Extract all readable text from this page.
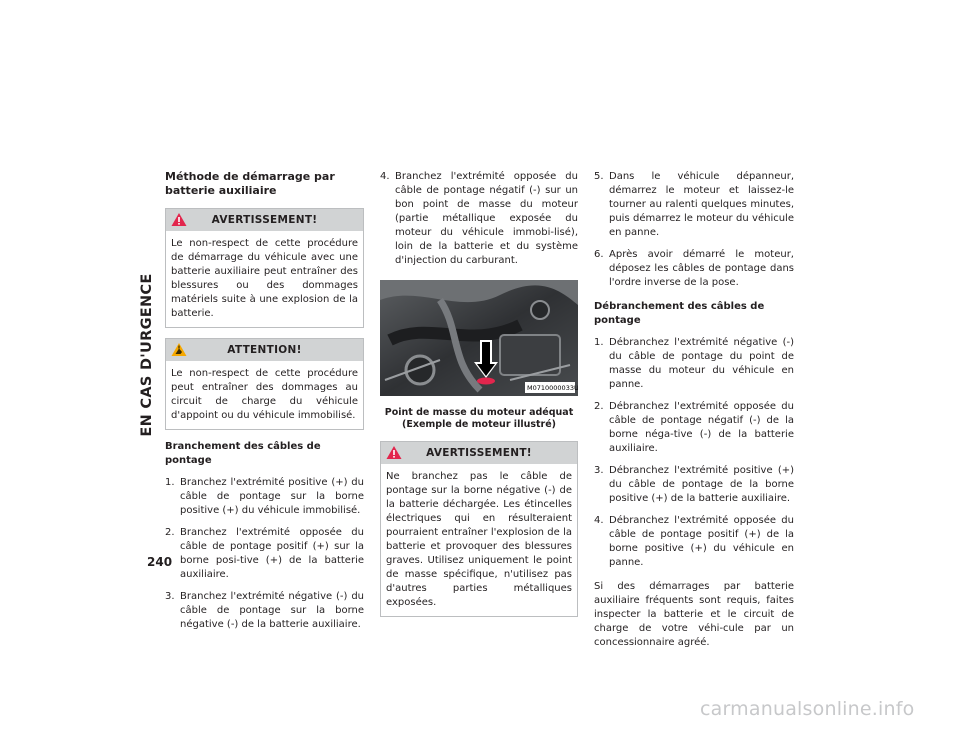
EN CAS D'URGENCE
240
Méthode de démarrage par batterie auxiliaire
AVERTISSEMENT!
Le non-respect de cette procédure de démarrage du véhicule avec une batterie auxiliaire peut entraîner des blessures ou des dommages matériels suite à une explosion de la batterie.
ATTENTION!
Le non-respect de cette procédure peut entraîner des dommages au circuit de charge du véhicule d'appoint ou du véhicule immobilisé.
Branchement des câbles de pontage
1. Branchez l'extrémité positive (+) du câble de pontage sur la borne positive (+) du véhicule immobilisé.
2. Branchez l'extrémité opposée du câble de pontage positif (+) sur la borne posi-tive (+) de la batterie auxiliaire.
3. Branchez l'extrémité négative (-) du câble de pontage sur la borne négative (-) de la batterie auxiliaire.
4. Branchez l'extrémité opposée du câble de pontage négatif (-) sur un bon point de masse du moteur (partie métallique exposée du moteur du véhicule immobi-lisé), loin de la batterie et du système d'injection du carburant.
M0710000033US
Point de masse du moteur adéquat (Exemple de moteur illustré)
AVERTISSEMENT!
Ne branchez pas le câble de pontage sur la borne négative (-) de la batterie déchargée. Les étincelles électriques qui en résulteraient pourraient entraîner l'explosion de la batterie et provoquer des blessures graves. Utilisez uniquement le point de masse spécifique, n'utilisez pas d'autres parties métalliques exposées.
5. Dans le véhicule dépanneur, démarrez le moteur et laissez-le tourner au ralenti quelques minutes, puis démarrez le moteur du véhicule en panne.
6. Après avoir démarré le moteur, déposez les câbles de pontage dans l'ordre inverse de la pose.
Débranchement des câbles de pontage
1. Débranchez l'extrémité négative (-) du câble de pontage du point de masse du moteur du véhicule en panne.
2. Débranchez l'extrémité opposée du câble de pontage négatif (-) de la borne néga-tive (-) de la batterie auxiliaire.
3. Débranchez l'extrémité positive (+) du câble de pontage de la borne positive (+) de la batterie auxiliaire.
4. Débranchez l'extrémité opposée du câble de pontage positif (+) de la borne positive (+) du véhicule en panne.

Si des démarrages par batterie auxiliaire fréquents sont requis, faites inspecter la batterie et le circuit de charge de votre véhi-cule par un concessionnaire agréé.

carmanualsonline.info
